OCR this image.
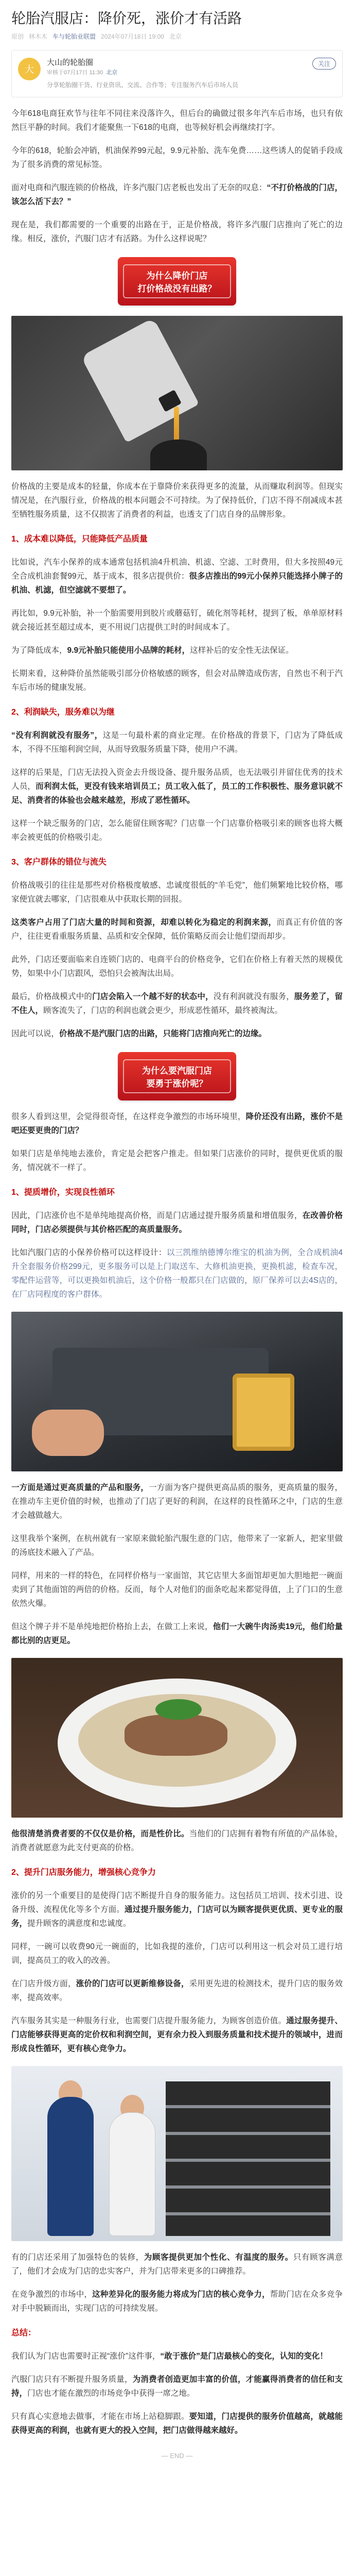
轮胎汽服店：降价死，涨价才有活路
原创 林木木 车与轮胎业联盟 2024年07月18日 19:00 北京
大
大山的轮胎圈
审核于07月17日 11:30 北京
分享轮胎圈干货、行业资讯、交流、合作等；专注服务汽车后市场人员
关注

今年618电商狂欢节与往年不同往来没落许久，但后台的确做过很多年汽车后市场，也只有依然巨平静的时间。我们才能聚焦一下618的电商，也等候好机会再继续打字。

今年的618，轮胎会冲销，机油保养99元起，9.9元补胎、洗车免费……这些诱人的促销手段成为了很多消费的常见标签。

面对电商和汽服连锁的价格战，许多汽服门店老板也发出了无奈的叹息：“不打价格战的门店，该怎么活下去？”

现在是，我们都需要的一个重要的出路在于，正是价格战，将许多汽服门店推向了死亡的边缘。相反，涨价，汽服门店才有活路。为什么这样说呢？

为什么降价门店
打价格战没有出路？

价格战的主要是成本的轻量，你成本在于靠降价来获得更多的流量，从而赚取利润等。但现实情况是，在汽服行业，价格战的根本问题会不可持续。为了保持低价，门店不得不削减成本甚至牺牲服务质量，这不仅损害了消费者的利益，也透支了门店自身的品牌形象。

1、成本难以降低，只能降低产品质量

比如说，汽车小保养的成本通常包括机油4升机油、机滤、空滤、工时费用，但大多按照49元全合成机油套餐99元，基于成本，很多店提供价：很多店推出的99元小保养只能选择小牌子的机油、机滤，但空滤就不要想了。

再比如，9.9元补胎，补一个胎需要用到胶片或蘑菇钉，硫化剂等耗材，提到了板，单单原材料就会接近甚至超过成本，更不用说门店提供工时的时间成本了。

为了降低成本，9.9元补胎只能使用小品牌的耗材，这样补后的安全性无法保证。

长期来看，这种降价虽然能吸引部分价格敏感的顾客，但会对品牌造成伤害，自然也不利于汽车后市场的健康发展。

2、利润缺失，服务难以为继

“没有利润就没有服务”，这是一句最朴素的商业定理。在价格战的背景下，门店为了降低成本，不得不压缩利润空间，从而导致服务质量下降，使用户不满。

这样的后果是，门店无法投入资金去升级设备、提升服务品质，也无法吸引并留住优秀的技术人员，而利润太低，更没有钱来培训员工；员工收入低了，员工的工作积极性、服务意识就不足、消费者的体验也会越来越差，形成了恶性循环。

这样一个缺乏服务的门店，怎么能留住顾客呢？门店靠一个门店靠价格吸引来的顾客也将大概率会被更低的价格吸引走。

3、客户群体的错位与流失

价格战吸引的往往是那些对价格极度敏感、忠诚度很低的“羊毛党”，他们频繁地比较价格，哪家便宜就去哪家，门店很难从中获取长期的回报。

这类客户占用了门店大量的时间和资源，却难以转化为稳定的利润来源，而真正有价值的客户，往往更看重服务质量、品质和安全保障，低价策略反而会让他们望而却步。

此外，门店还要面临来自连锁门店的、电商平台的价格竞争，它们在价格上有着天然的规模优势，如果中小门店跟风，恐怕只会被淘汰出局。

最后，价格战模式中的门店会陷入一个越不好的状态中，没有利润就没有服务，服务差了，留不住人，顾客流失了，门店的利润也就会更少，形成恶性循环，最终被淘汰。

因此可以说，价格战不是汽服门店的出路，只能将门店推向死亡的边缘。

为什么要汽服门店
要勇于涨价呢？

很多人看到这里，会觉得很奇怪，在这样竞争激烈的市场环境里，降价还没有出路，涨价不是吧还要更贵的门店？

如果门店是单纯地去涨价，肯定是会把客户推走。但如果门店涨价的同时，提供更优质的服务，情况就不一样了。

1、提质增价，实现良性循环

因此，门店涨价也不是单纯地提高价格，而是门店通过提升服务质量和增值服务，在改善价格同时，门店必须提供与其价格匹配的高质量服务。

比如汽服门店的小保养价格可以这样设计：以三凯维纳德博尔维宝的机油为例，全合成机油4升全套服务价格299元，更多服务可以是上门取送车、大修机油更换，更换机滤，检查车况，零配件运营等，可以更换如机油后，这个价格一般都只在门店做的，原厂保养可以去4S店的，在厂店同程度的客户群体。

一方面是通过更高质量的产品和服务，一方面为客户提供更高品质的服务，更高质量的服务，在推动车主更价值的时候，也推动了门店了更好的利润，在这样的良性循环之中，门店的生意才会越做越大。

这里我举个案例，在杭州就有一家原来做轮胎汽服生意的门店，他带来了一家新人，把家里做的汤底技术融入了产品。

同样，用来的一样的特色，在同样价格与一家面馆，其它店里大多面馆却更加大胆地把一碗面卖到了其他面馆的两倍的价格。反而，每个人对他们的面条吃起来都觉得值，上了门口的生意依然火爆。

但这个牌子并不是单纯地把价格抬上去，在做工上来说，他们一大碗牛肉汤卖19元，他们给量都比别的店更足。

他很清楚消费者要的不仅仅是价格，而是性价比。当他们的门店拥有着物有所值的产品体验，消费者就愿意为此支付更高的价格。

2、提升门店服务能力，增强核心竞争力

涨价的另一个重要目的是使得门店不断提升自身的服务能力。这包括员工培训、技术引进、设备升级、流程优化等多个方面。通过提升服务能力，门店可以为顾客提供更优质、更专业的服务，提升顾客的满意度和忠诚度。

同样，一碗可以收费90元一碗面的，比如我提的涨价，门店可以利用这一机会对员工进行培训，提高员工的收入的改善。

在门店升级方面，涨价的门店可以更新维修设备，采用更先进的检测技术，提升门店的服务效率，提高效率。

汽车服务其实是一种服务行业，也需要门店提升服务能力，为顾客创造价值。通过服务提升、门店能够获得更高的定价权和利润空间，更有余力投入到服务质量和技术提升的领域中，进而形成良性循环，更有核心竞争力。

有的门店还采用了加强特色的装修，为顾客提供更加个性化、有温度的服务。只有顾客满意了，他们才会成为门店的忠实客户，并为门店带来更多的口碑推荐。

在竞争激烈的市场中，这种差异化的服务能力将成为门店的核心竞争力，帮助门店在众多竞争对手中脱颖而出，实现门店的可持续发展。

总结：

我们认为门店也需要时正视“涨价”这件事，“敢于涨价”是门店最核心的变化，认知的变化！

汽服门店只有不断提升服务质量，为消费者创造更加丰富的价值，才能赢得消费者的信任和支持，门店也才能在激烈的市场竞争中获得一席之地。

只有真心实意地去做事，才能在市场上站稳脚跟。要知道，门店提供的服务价值越高，就越能获得更高的利润，也就有更大的投入空间，把门店做得越来越好。

— END —
